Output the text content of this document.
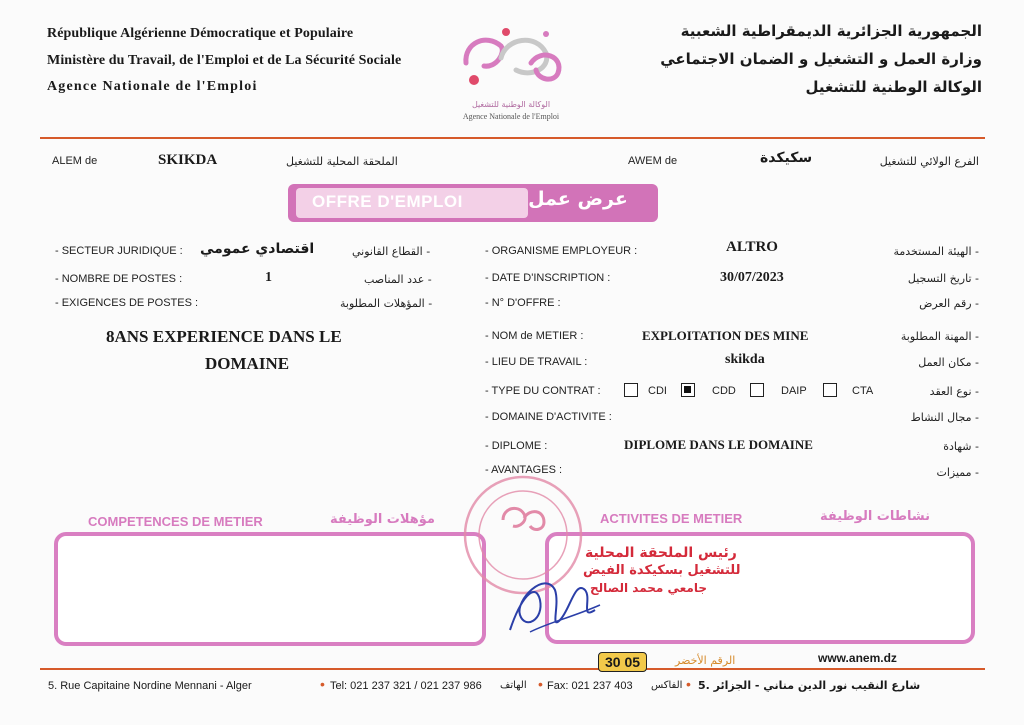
République Algérienne Démocratique et Populaire
Ministère du Travail, de l'Emploi et de La Sécurité Sociale
Agence Nationale de l'Emploi
الجمهورية الجزائرية الديمقراطية الشعبية
وزارة العمل و التشغيل و الضمان الاجتماعي
الوكالة الوطنية للتشغيل
الوكالة الوطنية للتشغيل
Agence Nationale de l'Emploi
ALEM de	SKIKDA	الملحقة المحلية للتشغيل	AWEM de	سكيكدة	الفرع الولائي للتشغيل
OFFRE D'EMPLOI	عرض عمل
- SECTEUR JURIDIQUE : اقتصادي عمومي	- القطاع القانوني
- NOMBRE DE POSTES :	1	- عدد المناصب
- EXIGENCES DE POSTES :	- المؤهلات المطلوبة
8ANS EXPERIENCE DANS LE
DOMAINE
- ORGANISME EMPLOYEUR :	ALTRO	- الهيئة المستخدمة
- DATE D'INSCRIPTION :	30/07/2023	- تاريخ التسجيل
- N° D'OFFRE :	- رقم العرض
- NOM de METIER :	EXPLOITATION DES MINE	- المهنة المطلوبة
- LIEU DE TRAVAIL :	skikda	- مكان العمل
- TYPE DU CONTRAT :	- نوع العقد
CDI	CDD	DAIP	CTA
- DOMAINE D'ACTIVITE :	- مجال النشاط
- DIPLOME :	DIPLOME DANS LE DOMAINE	- شهادة
- AVANTAGES :	- مميزات
COMPETENCES DE METIER	مؤهلات الوظيفة	ACTIVITES DE METIER	نشاطات الوظيفة
رئيس الملحقة المحلية
للتشغيل بسكيكدة الفيض
جامعي محمد الصالح
30 05	الرقم الأخضر	www.anem.dz
5. Rue Capitaine Nordine Mennani - Alger	• Tel: 021 237 321 / 021 237 986 الهاتف • Fax: 021 237 403 الفاكس • 5. شارع النقيب نور الدين مناني - الجزائر
